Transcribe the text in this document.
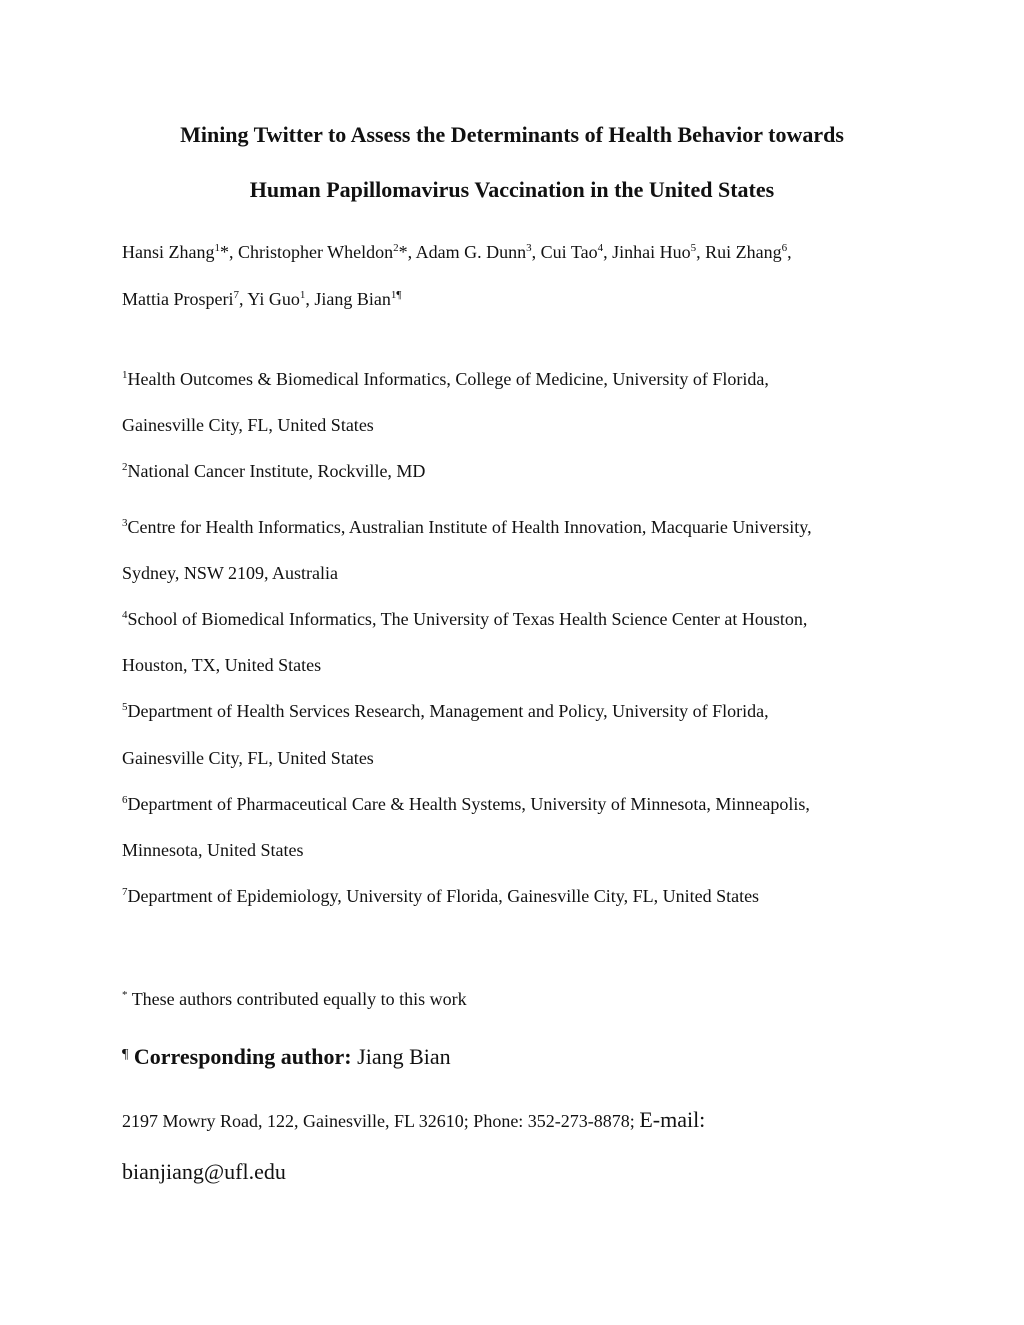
Mining Twitter to Assess the Determinants of Health Behavior towards
Human Papillomavirus Vaccination in the United States
Hansi Zhang$^1$*, Christopher Wheldon$^2$*, Adam G. Dunn$^3$, Cui Tao$^4$, Jinhai Huo$^5$, Rui Zhang$^6$,
Mattia Prosperi$^7$, Yi Guo$^1$, Jiang Bian$^{1\P}$
$^1$Health Outcomes & Biomedical Informatics, College of Medicine, University of Florida,
Gainesville City, FL, United States
$^2$National Cancer Institute, Rockville, MD
$^3$Centre for Health Informatics, Australian Institute of Health Innovation, Macquarie University,
Sydney, NSW 2109, Australia
$^4$School of Biomedical Informatics, The University of Texas Health Science Center at Houston,
Houston, TX, United States
$^5$Department of Health Services Research, Management and Policy, University of Florida,
Gainesville City, FL, United States
$^6$Department of Pharmaceutical Care & Health Systems, University of Minnesota, Minneapolis,
Minnesota, United States
$^7$Department of Epidemiology, University of Florida, Gainesville City, FL, United States
* These authors contributed equally to this work
¶ Corresponding author: Jiang Bian
2197 Mowry Road, 122, Gainesville, FL 32610; Phone: 352-273-8878; E-mail:
bianjiang@ufl.edu
